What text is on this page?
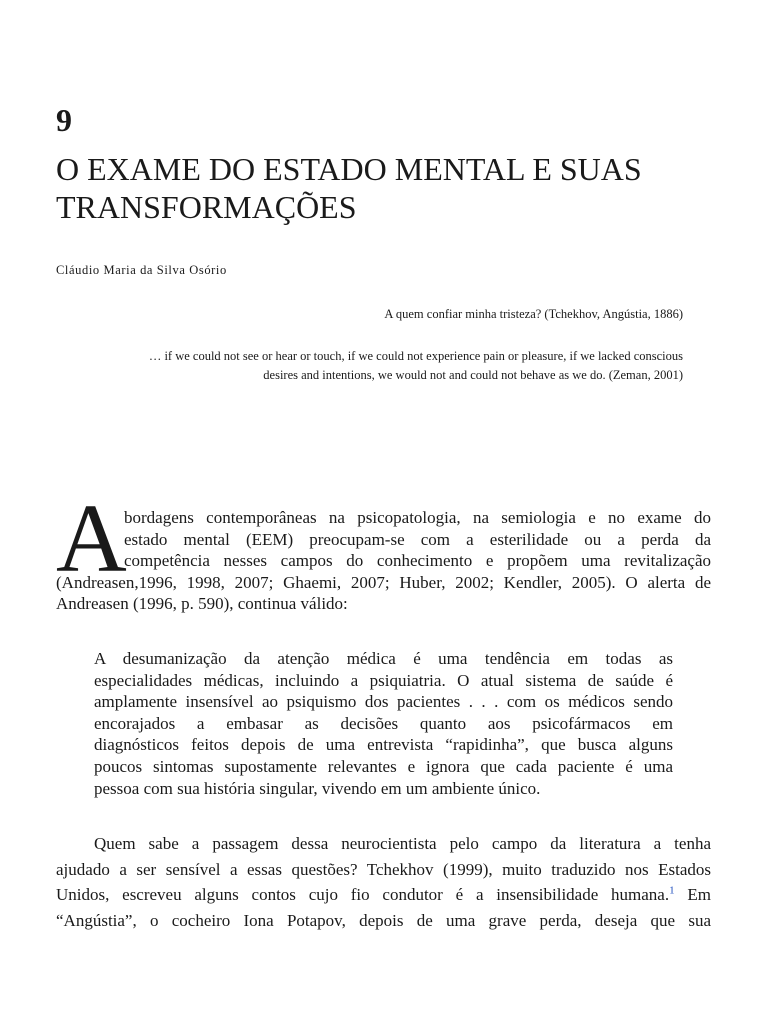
9
O EXAME DO ESTADO MENTAL E SUAS
TRANSFORMAÇÕES

Cláudio Maria da Silva Osório

A quem confiar minha tristeza? (Tchekhov, Angústia, 1886)

… if we could not see or hear or touch, if we could not experience pain or pleasure, if we lacked conscious
desires and intentions, we would not and could not behave as we do. (Zeman, 2001)

A

bordagens contemporâneas na psicopatologia, na semiologia e no exame do
estado mental (EEM) preocupam-se com a esterilidade ou a perda da
competência nesses campos do conhecimento e propõem uma revitalização
(Andreasen,1996, 1998, 2007; Ghaemi, 2007; Huber, 2002; Kendler, 2005). O alerta de
Andreasen (1996, p. 590), continua válido:

A desumanização da atenção médica é uma tendência em todas as
especialidades médicas, incluindo a psiquiatria. O atual sistema de saúde é
amplamente insensível ao psiquismo dos pacientes . . . com os médicos sendo
encorajados a embasar as decisões quanto aos psicofármacos em
diagnósticos feitos depois de uma entrevista “rapidinha”, que busca alguns
poucos sintomas supostamente relevantes e ignora que cada paciente é uma
pessoa com sua história singular, vivendo em um ambiente único.

Quem sabe a passagem dessa neurocientista pelo campo da literatura a tenha
ajudado a ser sensível a essas questões? Tchekhov (1999), muito traduzido nos Estados
Unidos, escreveu alguns contos cujo fio condutor é a insensibilidade humana.$^1$ Em
“Angústia”, o cocheiro Iona Potapov, depois de uma grave perda, deseja que sua
